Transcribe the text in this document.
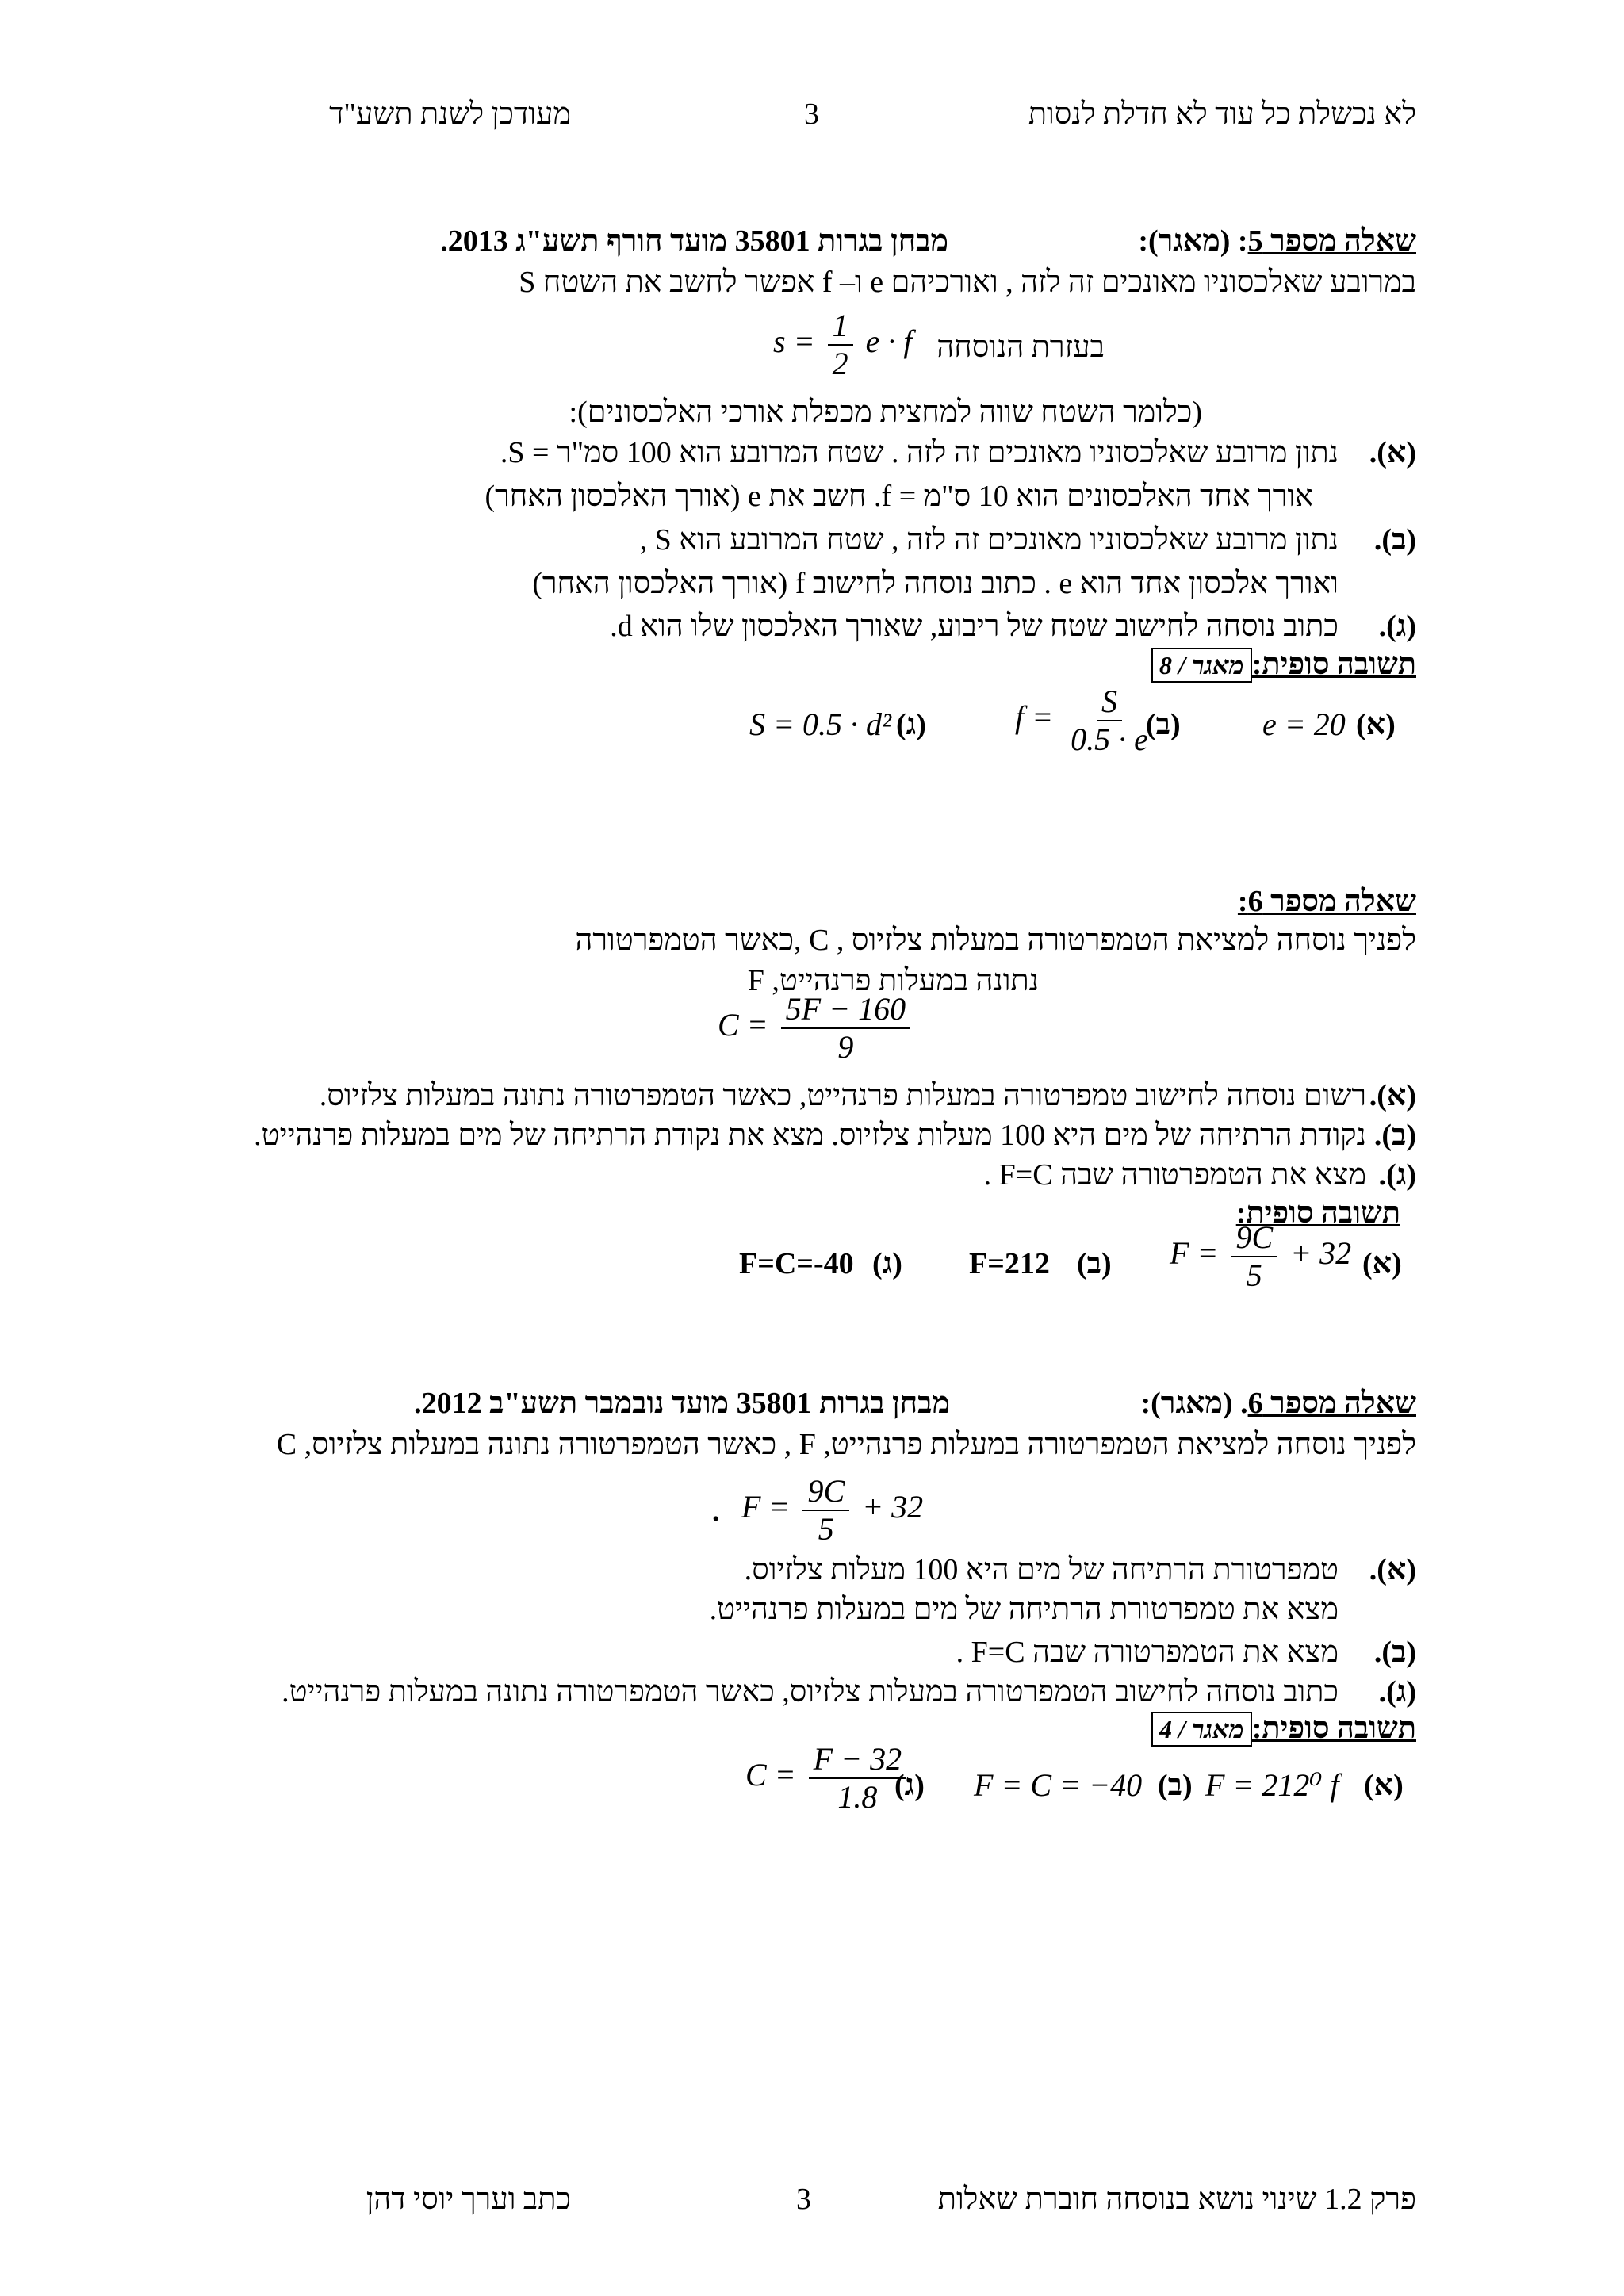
לא נכשלת כל עוד לא חדלת לנסות
3
מעודכן לשנת תשע"ד
שאלה מספר 5: (מאגר):
מבחן בגרות 35801 מועד חורף תשע"ג 2013.
במרובע שאלכסוניו מאונכים זה לזה , ואורכיהם e ו– f אפשר לחשב את השטח S
בעזרת הנוסחה
$s = \frac{1}{2}$ e · f
(כלומר השטח שווה למחצית מכפלת אורכי האלכסונים):
(א).
נתון מרובע שאלכסוניו מאונכים זה לזה . שטח המרובע הוא 100 סמ"ר = S.
אורך אחד האלכסונים הוא 10 ס"מ = f. חשב את e (אורך האלכסון האחר)
(ב).
נתון מרובע שאלכסוניו מאונכים זה לזה , שטח המרובע הוא S ,
ואורך אלכסון אחד הוא e . כתוב נוסחה לחישוב f (אורך האלכסון האחר)
(ג).
כתוב נוסחה לחישוב שטח של ריבוע, שאורך האלכסון שלו הוא d.
תשובה סופית:מאגר / 8
(א)
e = 20
(ב)
$f = \frac{S}{0.5 \cdot e}$
(ג)
S = 0.5 · d²
שאלה מספר 6:
לפניך נוסחה למציאת הטמפרטורה במעלות צלזיוס , C ,כאשר הטמפרטורה
נתונה במעלות פרנהייט, F
$C = \frac{5F - 160}{9}$
(א).
רשום נוסחה לחישוב טמפרטורה במעלות פרנהייט, כאשר הטמפרטורה נתונה במעלות צלזיוס.
(ב).
נקודת הרתיחה של מים היא 100 מעלות צלזיוס. מצא את נקודת הרתיחה של מים במעלות פרנהייט.
(ג).
מצא את הטמפרטורה שבה F=C .
תשובה סופית:
(א)
$F = \frac{9C}{5} + 32$
(ב)
F=212
(ג)
F=C=-40
שאלה מספר 6. (מאגר):
מבחן בגרות 35801 מועד נובמבר תשע"ב 2012.
לפניך נוסחה למציאת הטמפרטורה במעלות פרנהייט, F , כאשר הטמפרטורה נתונה במעלות צלזיוס, C
$F = \frac{9C}{5} + 32$
.
(א).
טמפרטורת הרתיחה של מים היא 100 מעלות צלזיוס.
מצא את טמפרטורת הרתיחה של מים במעלות פרנהייט.
(ב).
מצא את הטמפרטורה שבה F=C .
(ג).
כתוב נוסחה לחישוב הטמפרטורה במעלות צלזיוס, כאשר הטמפרטורה נתונה במעלות פרנהייט.
תשובה סופית:מאגר / 4
(א)
F = 212⁰ f
(ב)
F = C = −40
(ג)
$C = \frac{F - 32}{1.8}$
פרק 1.2 שינוי נושא בנוסחה חוברת שאלות
3
כתב וערך יוסי דהן
